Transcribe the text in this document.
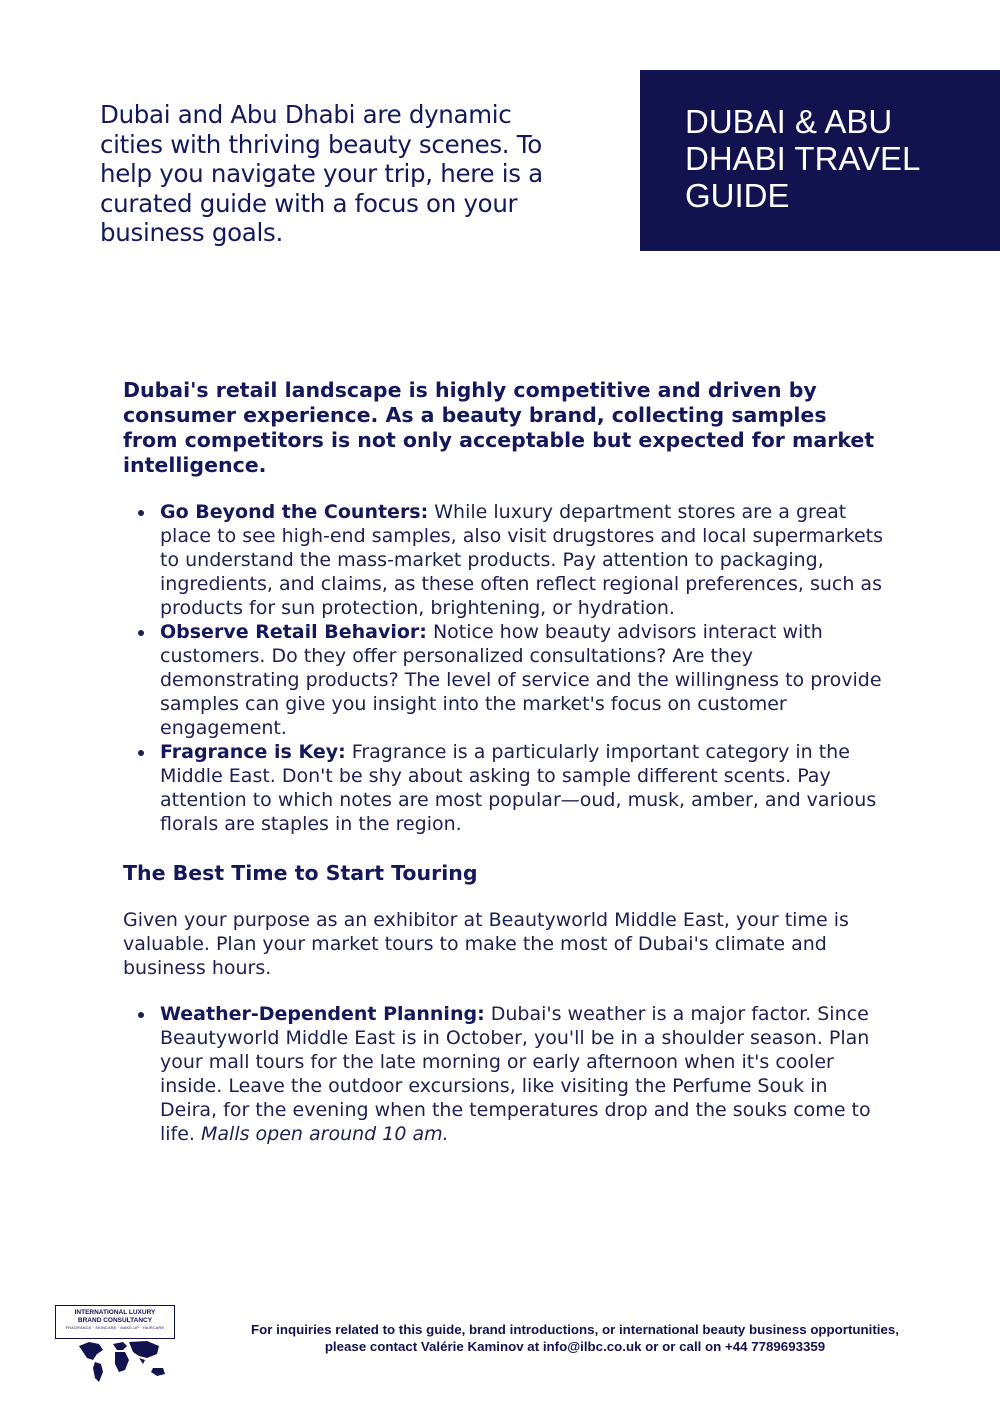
Dubai and Abu Dhabi are dynamic cities with thriving beauty scenes. To help you navigate your trip, here is a curated guide with a focus on your business goals.
DUBAI & ABU DHABI TRAVEL GUIDE

Dubai's retail landscape is highly competitive and driven by consumer experience. As a beauty brand, collecting samples from competitors is not only acceptable but expected for market intelligence.

Go Beyond the Counters: While luxury department stores are a great place to see high-end samples, also visit drugstores and local supermarkets to understand the mass-market products. Pay attention to packaging, ingredients, and claims, as these often reflect regional preferences, such as products for sun protection, brightening, or hydration.
Observe Retail Behavior: Notice how beauty advisors interact with customers. Do they offer personalized consultations? Are they demonstrating products? The level of service and the willingness to provide samples can give you insight into the market's focus on customer engagement.
Fragrance is Key: Fragrance is a particularly important category in the Middle East. Don't be shy about asking to sample different scents. Pay attention to which notes are most popular—oud, musk, amber, and various florals are staples in the region.
The Best Time to Start Touring

Given your purpose as an exhibitor at Beautyworld Middle East, your time is valuable. Plan your market tours to make the most of Dubai's climate and business hours.

Weather-Dependent Planning: Dubai's weather is a major factor. Since Beautyworld Middle East is in October, you'll be in a shoulder season. Plan your mall tours for the late morning or early afternoon when it's cooler inside. Leave the outdoor excursions, like visiting the Perfume Souk in Deira, for the evening when the temperatures drop and the souks come to life. Malls open around 10 am.
INTERNATIONAL LUXURY
BRAND CONSULTANCY
FRAGRANCE · SKINCARE · MAKE-UP · HAIRCARE	For inquiries related to this guide, brand introductions, or international beauty business opportunities,
please contact Valérie Kaminov at info@ilbc.co.uk or or call on +44 7789693359
